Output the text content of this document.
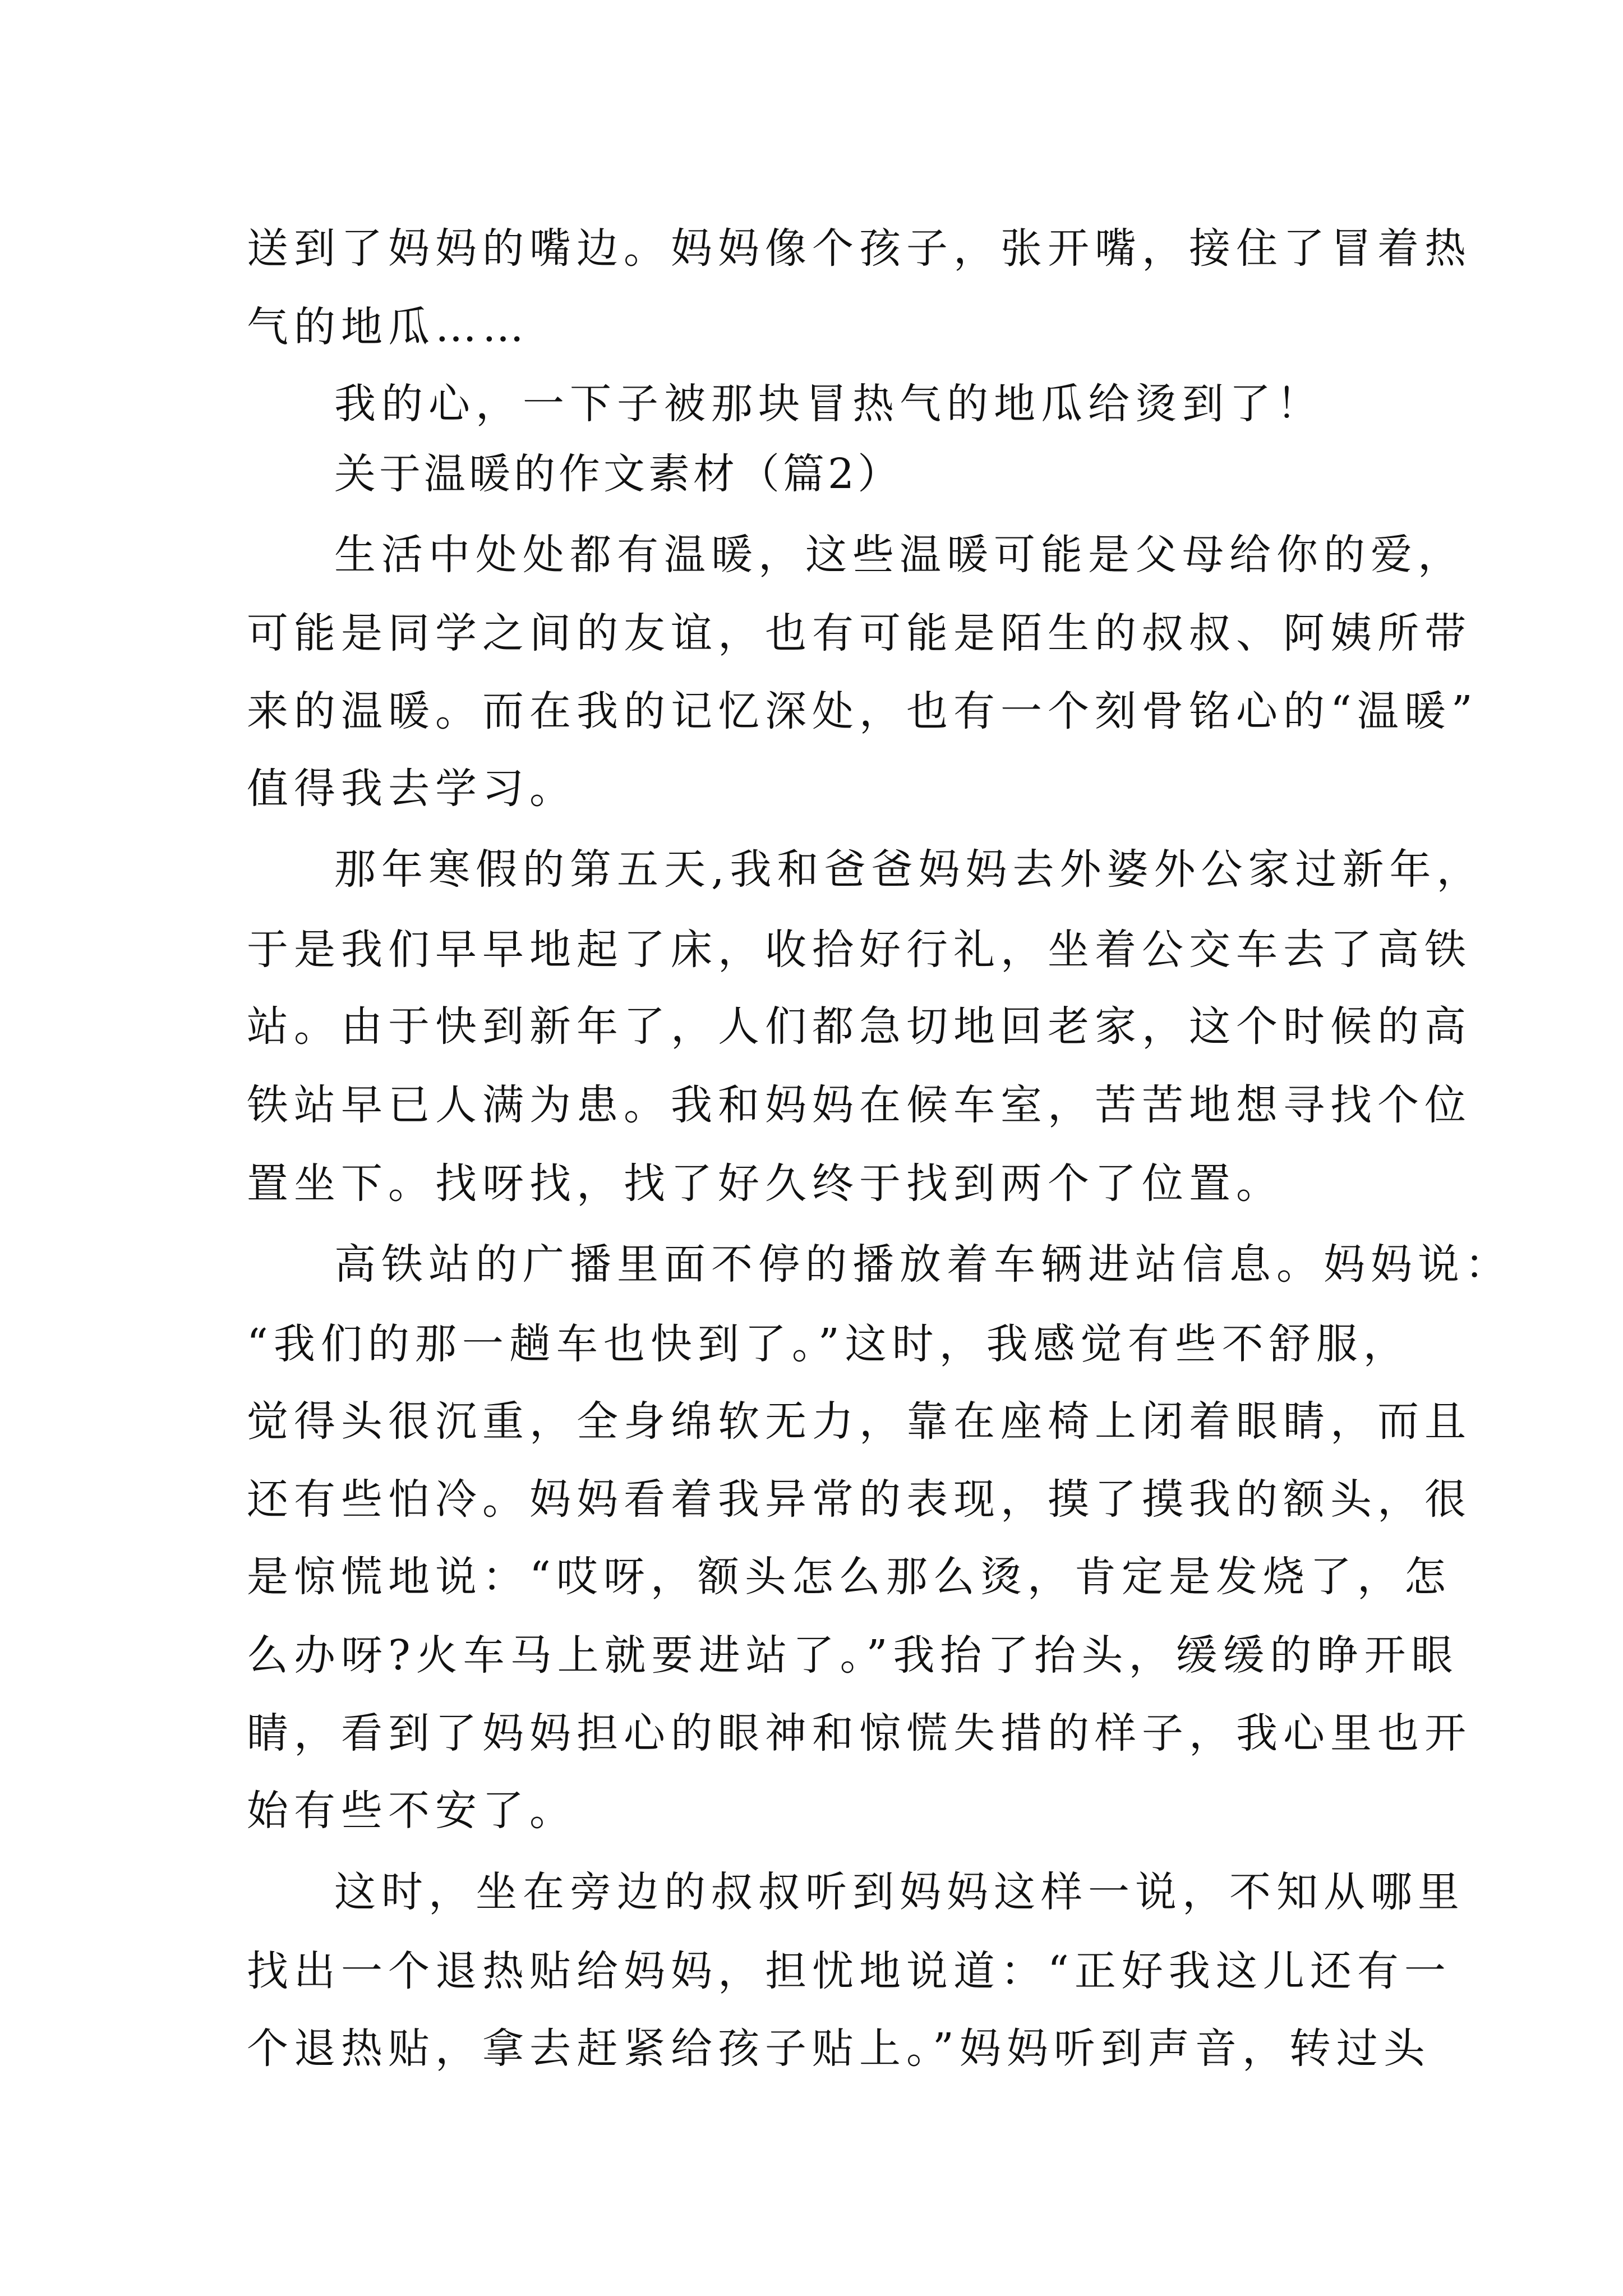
送到了妈妈的嘴边。妈妈像个孩子，张开嘴，接住了冒着热
气的地瓜……
我的心，一下子被那块冒热气的地瓜给烫到了！
关于温暖的作文素材（篇2）
生活中处处都有温暖，这些温暖可能是父母给你的爱，
可能是同学之间的友谊，也有可能是陌生的叔叔、阿姨所带
来的温暖。而在我的记忆深处，也有一个刻骨铭心的“温暖”
值得我去学习。
那年寒假的第五天,我和爸爸妈妈去外婆外公家过新年，
于是我们早早地起了床，收拾好行礼，坐着公交车去了高铁
站。由于快到新年了，人们都急切地回老家，这个时候的高
铁站早已人满为患。我和妈妈在候车室，苦苦地想寻找个位
置坐下。找呀找，找了好久终于找到两个了位置。
高铁站的广播里面不停的播放着车辆进站信息。妈妈说：
“我们的那一趟车也快到了。”这时，我感觉有些不舒服，
觉得头很沉重，全身绵软无力，靠在座椅上闭着眼睛，而且
还有些怕冷。妈妈看着我异常的表现，摸了摸我的额头，很
是惊慌地说：“哎呀，额头怎么那么烫，肯定是发烧了，怎
么办呀?火车马上就要进站了。”我抬了抬头，缓缓的睁开眼
睛，看到了妈妈担心的眼神和惊慌失措的样子，我心里也开
始有些不安了。
这时，坐在旁边的叔叔听到妈妈这样一说，不知从哪里
找出一个退热贴给妈妈，担忧地说道：“正好我这儿还有一
个退热贴，拿去赶紧给孩子贴上。”妈妈听到声音，转过头
